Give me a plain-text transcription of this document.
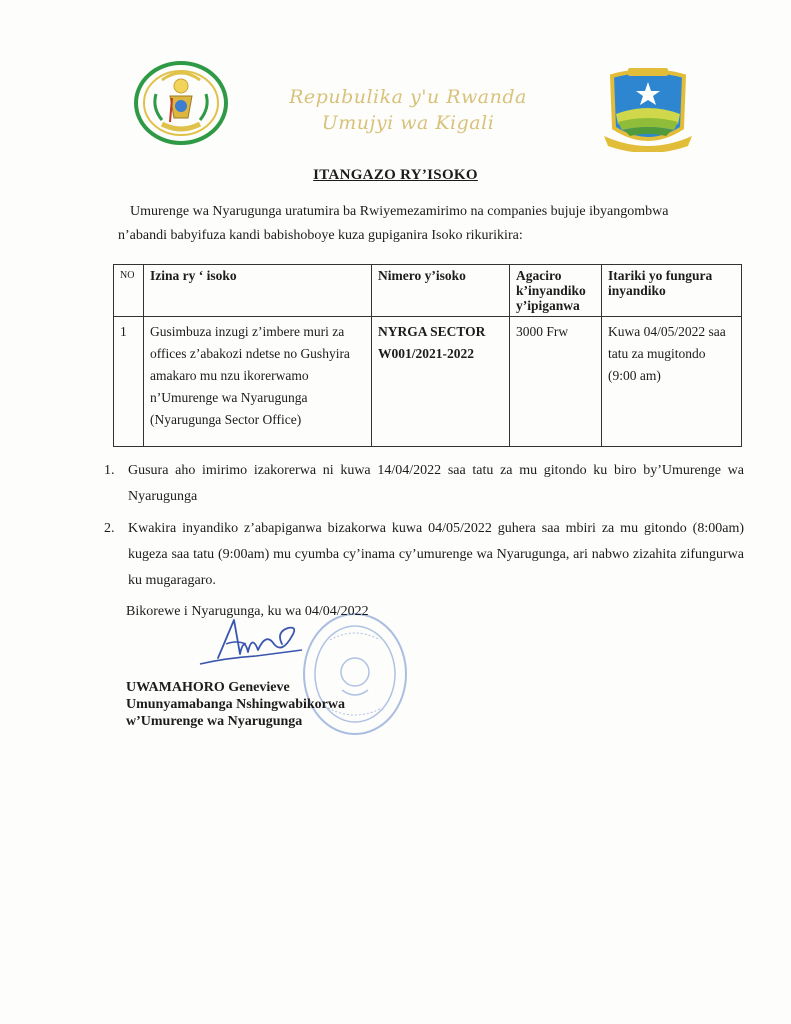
Repubulika y'u Rwanda
Umujyi wa Kigali
ITANGAZO RY’ISOKO
Umurenge wa Nyarugunga uratumira ba Rwiyemezamirimo na companies bujuje ibyangombwa
n’abandi babyifuza kandi babishoboye kuza gupiganira Isoko rikurikira:
NO	Izina ry ‘ isoko	Nimero y’isoko	Agaciro k’inyandiko y’ipiganwa	Itariki yo fungura inyandiko
1	Gusimbuza inzugi z’imbere muri za offices z’abakozi ndetse no Gushyira amakaro mu nzu ikorerwamo n’Umurenge wa Nyarugunga (Nyarugunga Sector Office)	NYRGA SECTOR W001/2021-2022	3000 Frw	Kuwa 04/05/2022 saa tatu za mugitondo (9:00 am)
1. Gusura aho imirimo izakorerwa ni kuwa 14/04/2022 saa tatu za mu gitondo ku biro by’Umurenge wa Nyarugunga
2. Kwakira inyandiko z’abapiganwa bizakorwa kuwa 04/05/2022 guhera saa mbiri za mu gitondo (8:00am) kugeza saa tatu (9:00am) mu cyumba cy’inama cy’umurenge wa Nyarugunga, ari nabwo zizahita zifungurwa ku mugaragaro.
Bikorewe i Nyarugunga, ku wa 04/04/2022
UWAMAHORO Genevieve
Umunyamabanga Nshingwabikorwa
w’Umurenge wa Nyarugunga
